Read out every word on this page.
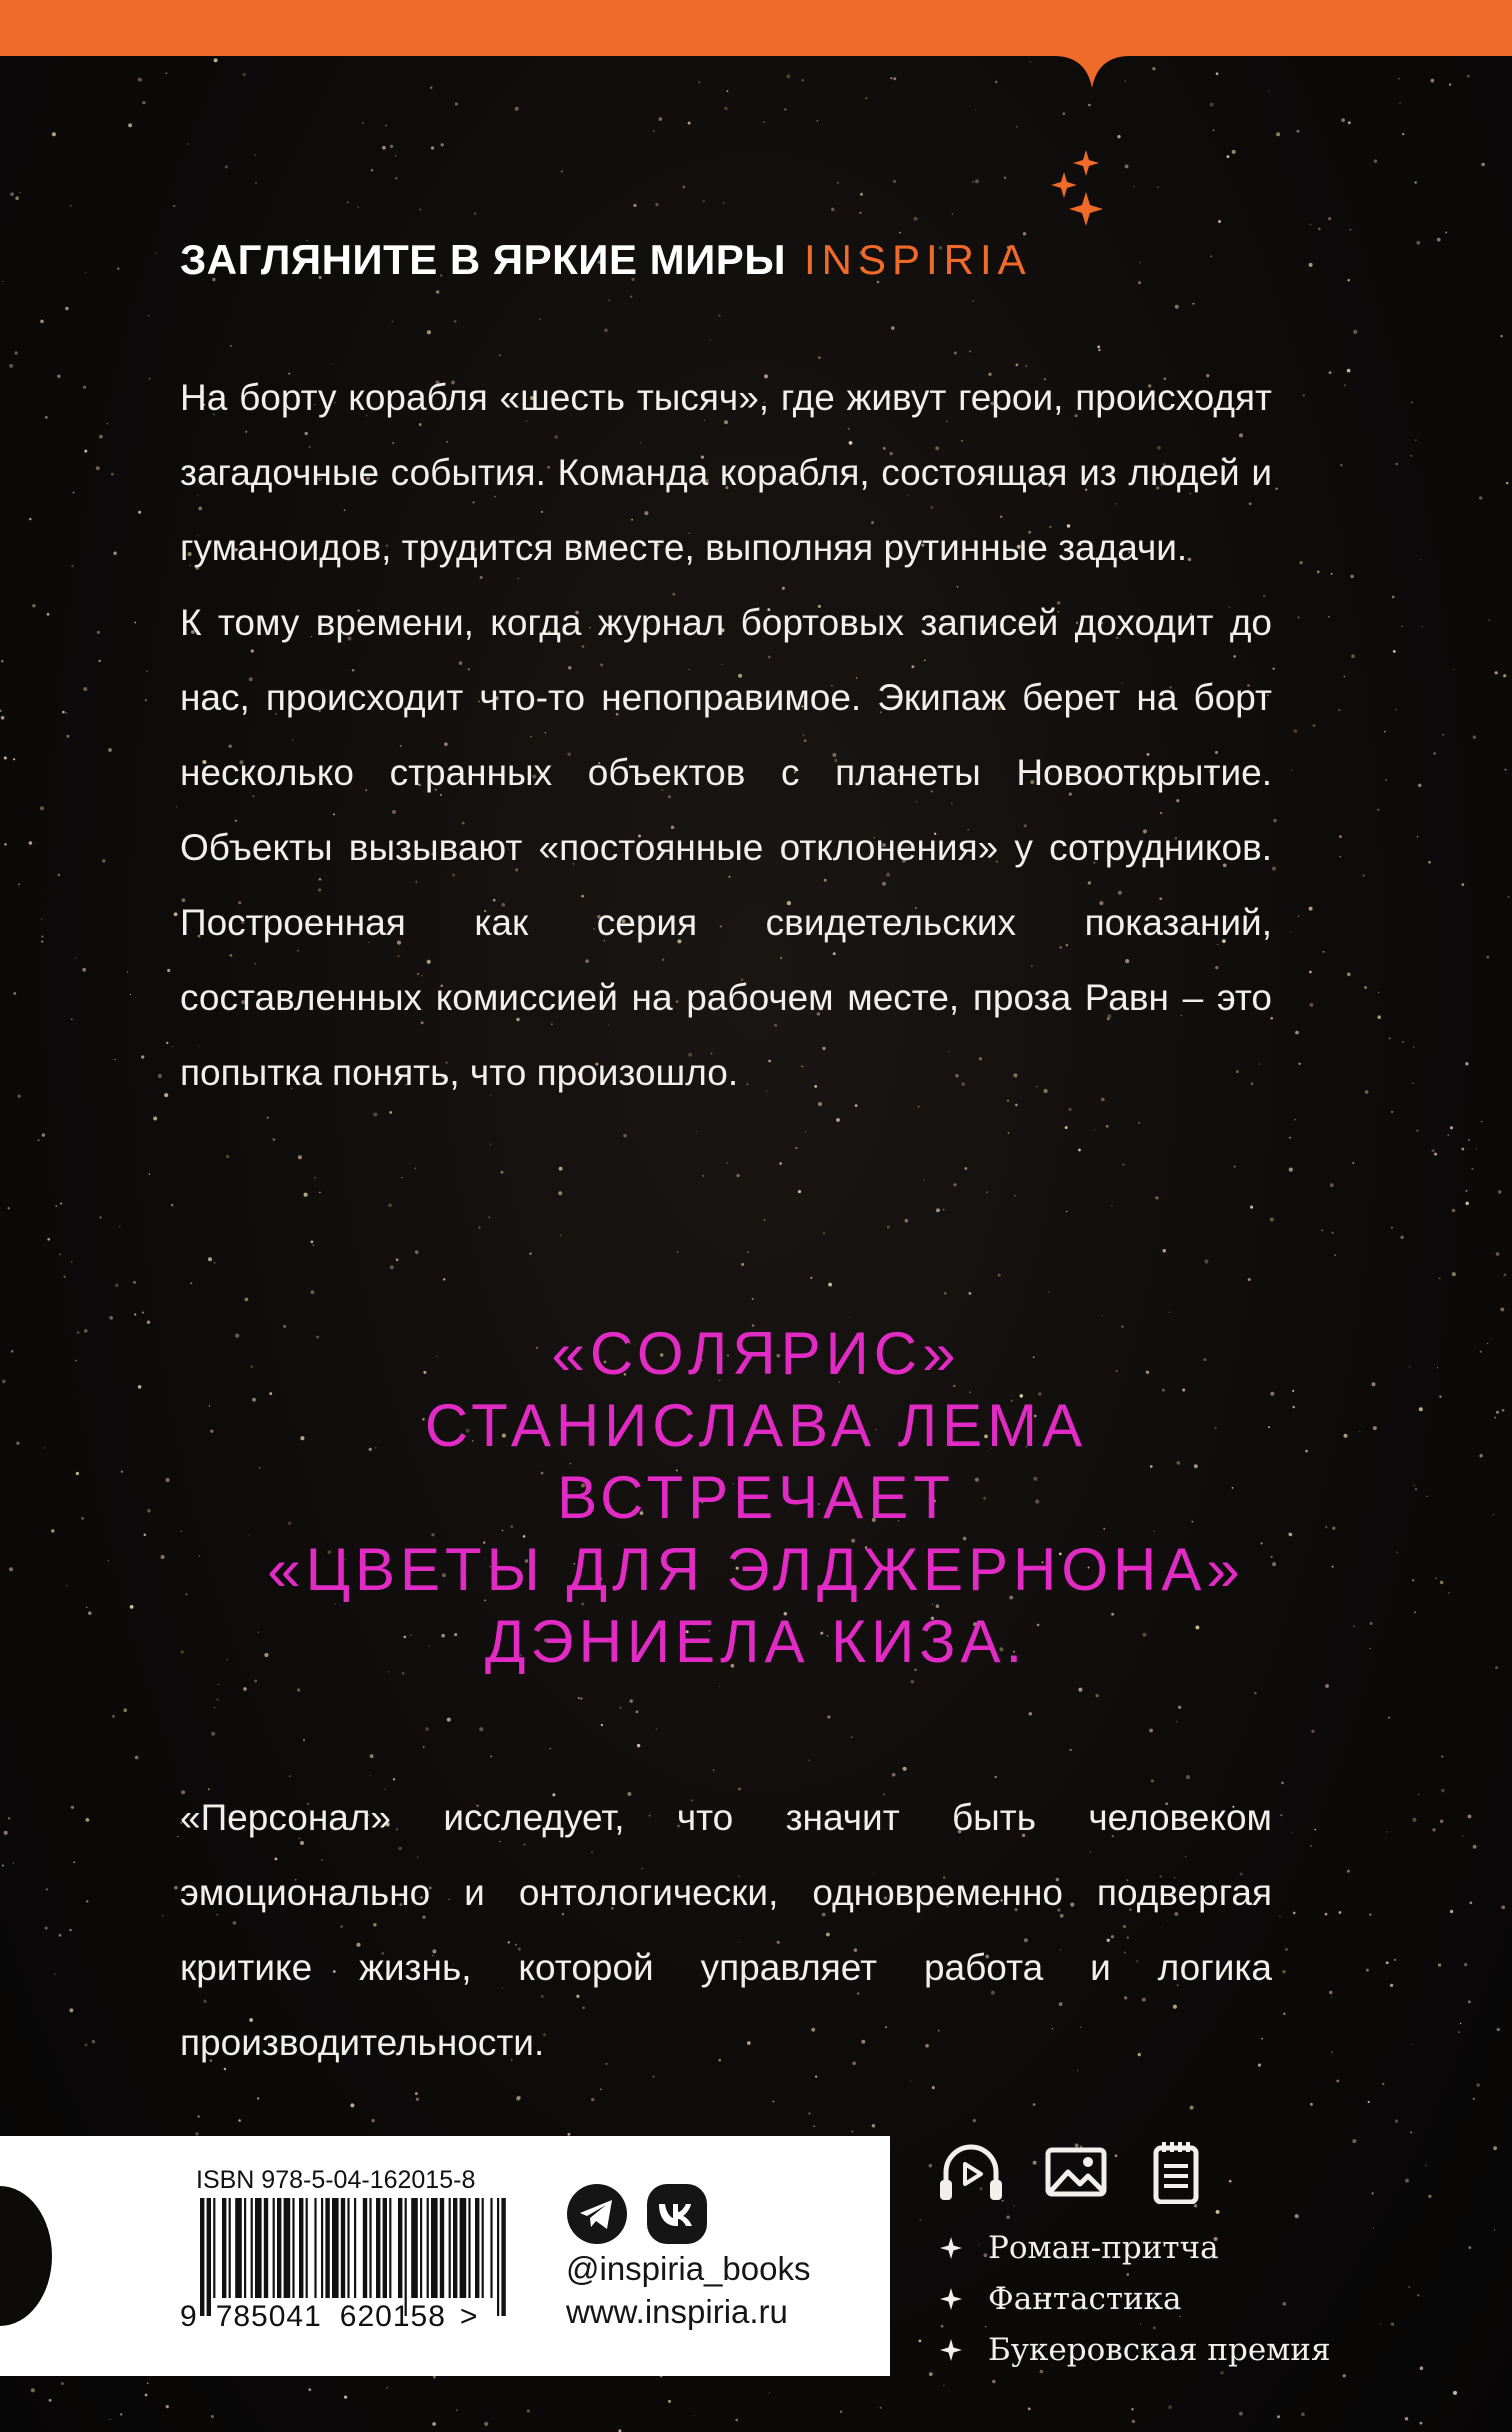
ЗАГЛЯНИТЕ В ЯРКИЕ МИРЫ INSPIRIA

На борту корабля «шесть тысяч», где живут герои, происходят загадочные события. Команда корабля, состоящая из людей и гуманоидов, трудится вместе, выполняя рутинные задачи.

К тому времени, когда журнал бортовых записей доходит до нас, происходит что-то непоправимое. Экипаж берет на борт несколько странных объектов с планеты Новооткрытие. Объекты вызывают «постоянные отклонения» у сотрудников. Построенная как серия свидетельских показаний, составленных комиссией на рабочем месте, проза Равн – это попытка понять, что произошло.

«СОЛЯРИС»
СТАНИСЛАВА ЛЕМА
ВСТРЕЧАЕТ
«ЦВЕТЫ ДЛЯ ЭЛДЖЕРНОНА»
ДЭНИЕЛА КИЗА.

«Персонал» исследует, что значит быть человеком эмоционально и онтологически, одновременно подвергая критике жизнь, которой управляет работа и логика производительности.

ISBN 978-5-04-162015-8
9 785041 620158 >
@inspiria_books
www.inspiria.ru
Роман-притча
Фантастика
Букеровская премия
